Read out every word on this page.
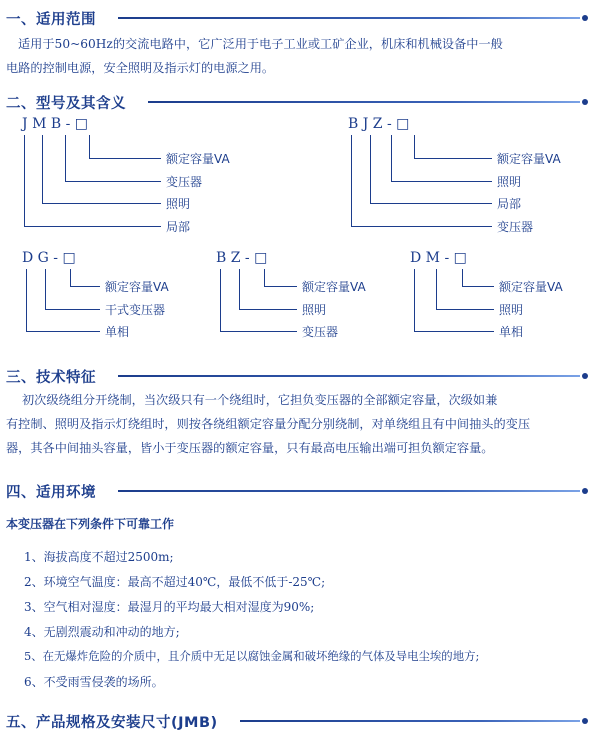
一、适用范围
适用于50~60Hz的交流电路中，它广泛用于电子工业或工矿企业，机床和机械设备中一般
电路的控制电源，安全照明及指示灯的电源之用。
二、型号及其含义
J M B - □
额定容量VA
变压器
照明
局部
B J Z - □
额定容量VA
照明
局部
变压器
D G - □
额定容量VA
干式变压器
单相
B Z - □
额定容量VA
照明
变压器
D M - □
额定容量VA
照明
单相
三、技术特征
初次级绕组分开绕制，当次级只有一个绕组时，它担负变压器的全部额定容量，次级如兼
有控制、照明及指示灯绕组时，则按各绕组额定容量分配分别绕制，对单绕组且有中间抽头的变压
器，其各中间抽头容量，皆小于变压器的额定容量，只有最高电压输出端可担负额定容量。
四、适用环境
本变压器在下列条件下可靠工作
1、海拔高度不超过2500m;
2、环境空气温度：最高不超过40℃，最低不低于-25℃;
3、空气相对湿度：最湿月的平均最大相对湿度为90%;
4、无剧烈震动和冲动的地方;
5、在无爆炸危险的介质中，且介质中无足以腐蚀金属和破坏绝缘的气体及导电尘埃的地方;
6、不受雨雪侵袭的场所。
五、产品规格及安装尺寸(JMB)
